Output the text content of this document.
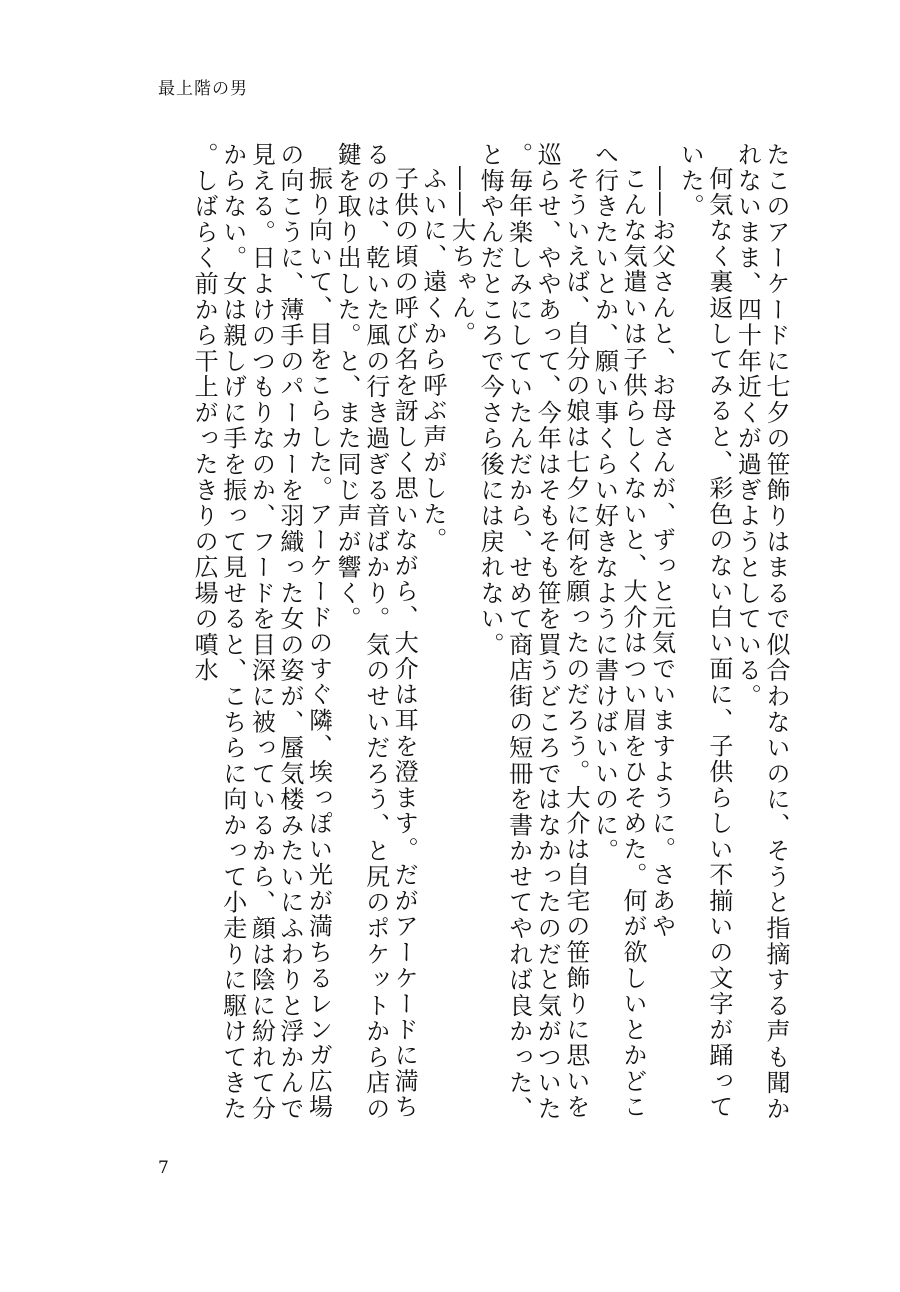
最上階の男

たこのアーケードに七夕の笹飾りはまるで似合わないのに、そうと指摘する声も聞かれないまま、四十年近くが過ぎようとしている。

何気なく裏返してみると、彩色のない白い面に、子供らしい不揃いの文字が踊っていた。

――お父さんと、お母さんが、ずっと元気でいますように。さあや

こんな気遣いは子供らしくないと、大介はつい眉をひそめた。何が欲しいとかどこへ行きたいとか、願い事くらい好きなように書けばいいのに。

そういえば、自分の娘は七夕に何を願ったのだろう。大介は自宅の笹飾りに思いを巡らせ、ややあって、今年はそもそも笹を買うどころではなかったのだと気がついた。毎年楽しみにしていたんだから、せめて商店街の短冊を書かせてやれば良かった、と悔やんだところで今さら後には戻れない。

――大ちゃん。

ふいに、遠くから呼ぶ声がした。

子供の頃の呼び名を訝しく思いながら、大介は耳を澄ます。だがアーケードに満ちるのは、乾いた風の行き過ぎる音ばかり。気のせいだろう、と尻のポケットから店の鍵を取り出した。と、また同じ声が響く。

振り向いて、目をこらした。アーケードのすぐ隣、埃っぽい光が満ちるレンガ広場の向こうに、薄手のパーカーを羽織った女の姿が、蜃気楼みたいにふわりと浮かんで見える。日よけのつもりなのか、フードを目深に被っているから、顔は陰に紛れて分からない。女は親しげに手を振って見せると、こちらに向かって小走りに駆けてきた。しばらく前から干上がったきりの広場の噴水

7
